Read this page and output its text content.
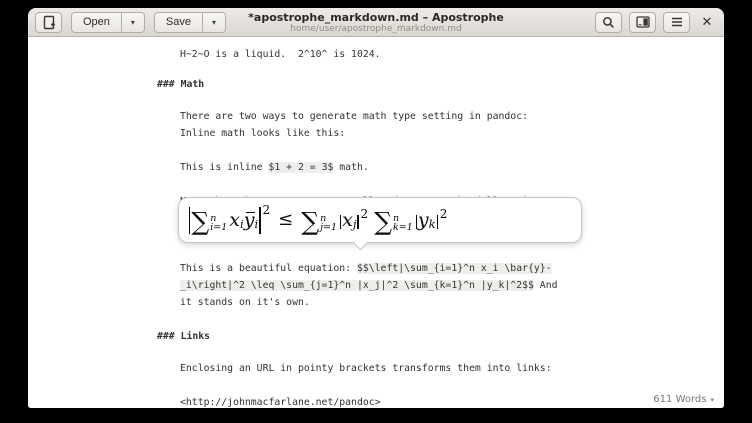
Open	▾	Save	▾	*apostrophe_markdown.md – Apostrophe
home/user/apostrophe_markdown.md	✕
H~2~O is a liquid.  2^10^ is 1024.
### Math
There are two ways to generate math type setting in pandoc:
Inline math looks like this:
This is inline $1 + 2 = 3$ math.
∑ n
i=1 x i y i
2 ≤ ∑ n
j=1 x j
2 ∑ n
k=1 y k
2
This is a beautiful equation: $$\left|\sum_{i=1}^n x_i \bar{y}-
_i\right|^2 \leq \sum_{j=1}^n |x_j|^2 \sum_{k=1}^n |y_k|^2$$ And
it stands on it's own.
### Links
Enclosing an URL in pointy brackets transforms them into links:
<http://johnmacfarlane.net/pandoc>	611 Words ▾
